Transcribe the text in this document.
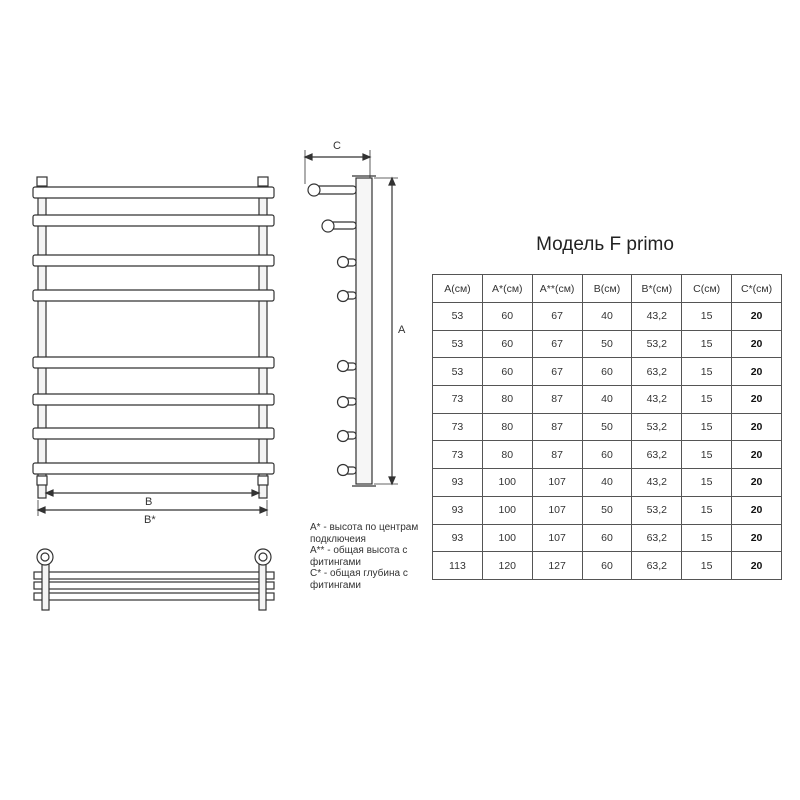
B
B*
C
A
Модель F primo
A(см)	A*(см)	A**(см)	B(см)	B*(см)	C(см)	C*(см)
53	60	67	40	43,2	15	20
53	60	67	50	53,2	15	20
53	60	67	60	63,2	15	20
73	80	87	40	43,2	15	20
73	80	87	50	53,2	15	20
73	80	87	60	63,2	15	20
93	100	107	40	43,2	15	20
93	100	107	50	53,2	15	20
93	100	107	60	63,2	15	20
113	120	127	60	63,2	15	20

A* - высота по центрам подключеия

A** - общая высота с фитингами

C* - общая глубина с фитингами
